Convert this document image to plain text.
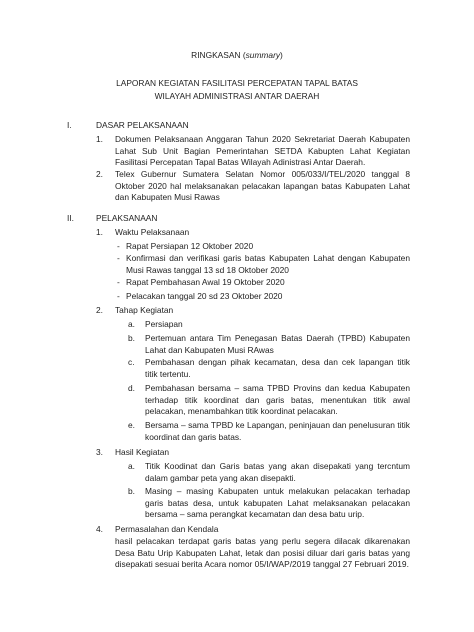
RINGKASAN (summary)
LAPORAN KEGIATAN FASILITASI PERCEPATAN TAPAL BATAS
WILAYAH ADMINISTRASI ANTAR DAERAH
I.	DASAR PELAKSANAAN
1. Dokumen Pelaksanaan Anggaran Tahun 2020 Sekretariat Daerah Kabupaten Lahat Sub Unit Bagian Pemerintahan SETDA Kabupten Lahat Kegiatan Fasilitasi Percepatan Tapal Batas Wilayah Adinistrasi Antar Daerah.
2. Telex Gubernur Sumatera Selatan Nomor 005/033/I/TEL/2020 tanggal 8 Oktober 2020 hal melaksanakan pelacakan lapangan batas Kabupaten Lahat dan Kabupaten Musi Rawas
II.	PELAKSANAAN
1. Waktu Pelaksanaan
- Rapat Persiapan 12 Oktober 2020
- Konfirmasi dan verifikasi garis batas Kabupaten Lahat dengan Kabupaten Musi Rawas tanggal 13 sd 18 Oktober 2020
- Rapat Pembahasan Awal 19 Oktober 2020
- Pelacakan tanggal 20 sd 23 Oktober 2020
2. Tahap Kegiatan
a. Persiapan
b. Pertemuan antara Tim Penegasan Batas Daerah (TPBD) Kabupaten Lahat dan Kabupaten Musi RAwas
c. Pembahasan dengan pihak kecamatan, desa dan cek lapangan titik titik tertentu.
d. Pembahasan bersama – sama TPBD Provins dan kedua Kabupaten terhadap titik koordinat dan garis batas, menentukan titik awal pelacakan, menambahkan titik koordinat pelacakan.
e. Bersama – sama TPBD ke Lapangan, peninjauan dan penelusuran titik koordinat dan garis batas.
3. Hasil Kegiatan
a. Titik Koodinat dan Garis batas yang akan disepakati yang tercntum dalam gambar peta yang akan disepakti.
b. Masing – masing Kabupaten untuk melakukan pelacakan terhadap garis batas desa, untuk kabupaten Lahat melaksanakan pelacakan bersama – sama perangkat kecamatan dan desa batu urip.
4. Permasalahan dan Kendala
hasil pelacakan terdapat garis batas yang perlu segera dilacak dikarenakan Desa Batu Urip Kabupaten Lahat, letak dan posisi diluar dari garis batas yang disepakati sesuai berita Acara nomor 05/I/WAP/2019 tanggal 27 Februari 2019.
